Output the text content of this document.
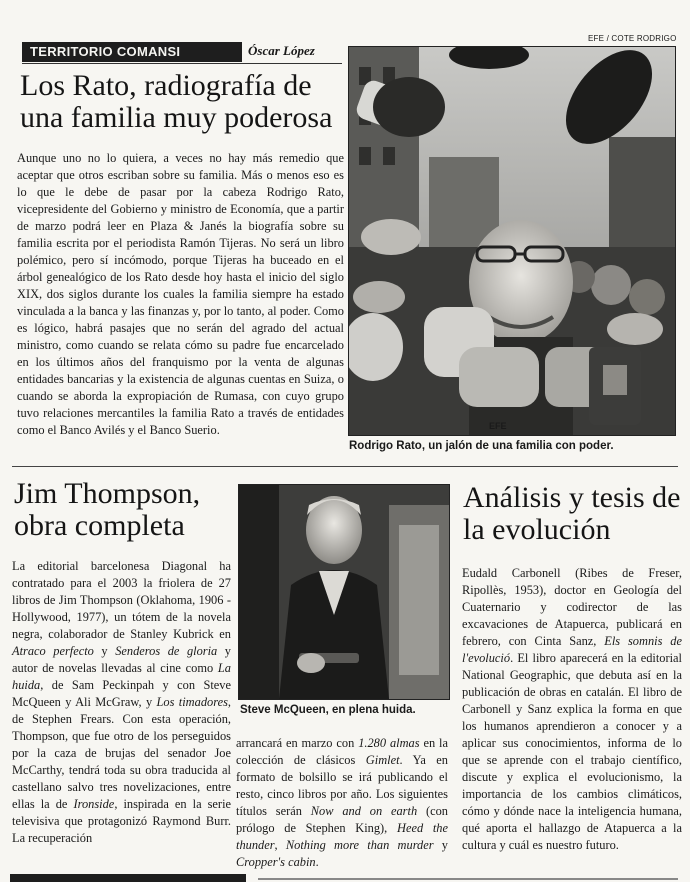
TERRITORIO COMANSI	Óscar López
EFE / COTE RODRIGO
Los Rato, radiografía de una familia muy poderosa
Aunque uno no lo quiera, a veces no hay más remedio que aceptar que otros escriban sobre su familia. Más o menos eso es lo que le debe de pasar por la cabeza Rodrigo Rato, vicepresidente del Gobierno y ministro de Economía, que a partir de marzo podrá leer en Plaza & Janés la biografía sobre su familia escrita por el periodista Ramón Tijeras. No será un libro polémico, pero sí incómodo, porque Tijeras ha buceado en el árbol genealógico de los Rato desde hoy hasta el inicio del siglo XIX, dos siglos durante los cuales la familia siempre ha estado vinculada a la banca y las finanzas y, por lo tanto, al poder. Como es lógico, habrá pasajes que no serán del agrado del actual ministro, como cuando se relata cómo su padre fue encarcelado en los últimos años del franquismo por la venta de algunas entidades bancarias y la existencia de algunas cuentas en Suiza, o cuando se aborda la expropiación de Rumasa, con cuyo grupo tuvo relaciones mercantiles la familia Rato a través de entidades como el Banco Avilés y el Banco Suerio.	EFE
Rodrigo Rato, un jalón de una familia con poder.
Jim Thompson, obra completa
La editorial barcelonesa Diagonal ha contratado para el 2003 la friolera de 27 libros de Jim Thompson (Oklahoma, 1906 - Hollywood, 1977), un tótem de la novela negra, colaborador de Stanley Kubrick en Atraco perfecto y Senderos de gloria y autor de novelas llevadas al cine como La huida, de Sam Peckinpah y con Steve McQueen y Ali McGraw, y Los timadores, de Stephen Frears. Con esta operación, Thompson, que fue otro de los perseguidos por la caza de brujas del senador Joe McCarthy, tendrá toda su obra traducida al castellano salvo tres novelizaciones, entre ellas la de Ironside, inspirada en la serie televisiva que protagonizó Raymond Burr. La recuperación
Steve McQueen, en plena huida.
arrancará en marzo con 1.280 almas en la colección de clásicos Gimlet. Ya en formato de bolsillo se irá publicando el resto, cinco libros por año. Los siguientes títulos serán Now and on earth (con prólogo de Stephen King), Heed the thunder, Nothing more than murder y Cropper's cabin.
Análisis y tesis de la evolución
Eudald Carbonell (Ribes de Freser, Ripollès, 1953), doctor en Geología del Cuaternario y codirector de las excavaciones de Atapuerca, publicará en febrero, con Cinta Sanz, Els somnis de l'evolució. El libro aparecerá en la editorial National Geographic, que debuta así en la publicación de obras en catalán. El libro de Carbonell y Sanz explica la forma en que los humanos aprendieron a conocer y a aplicar sus conocimientos, informa de lo que se aprende con el trabajo científico, discute y explica el evolucionismo, la importancia de los cambios climáticos, cómo y dónde nace la inteligencia humana, qué aporta el hallazgo de Atapuerca a la cultura y cuál es nuestro futuro.
